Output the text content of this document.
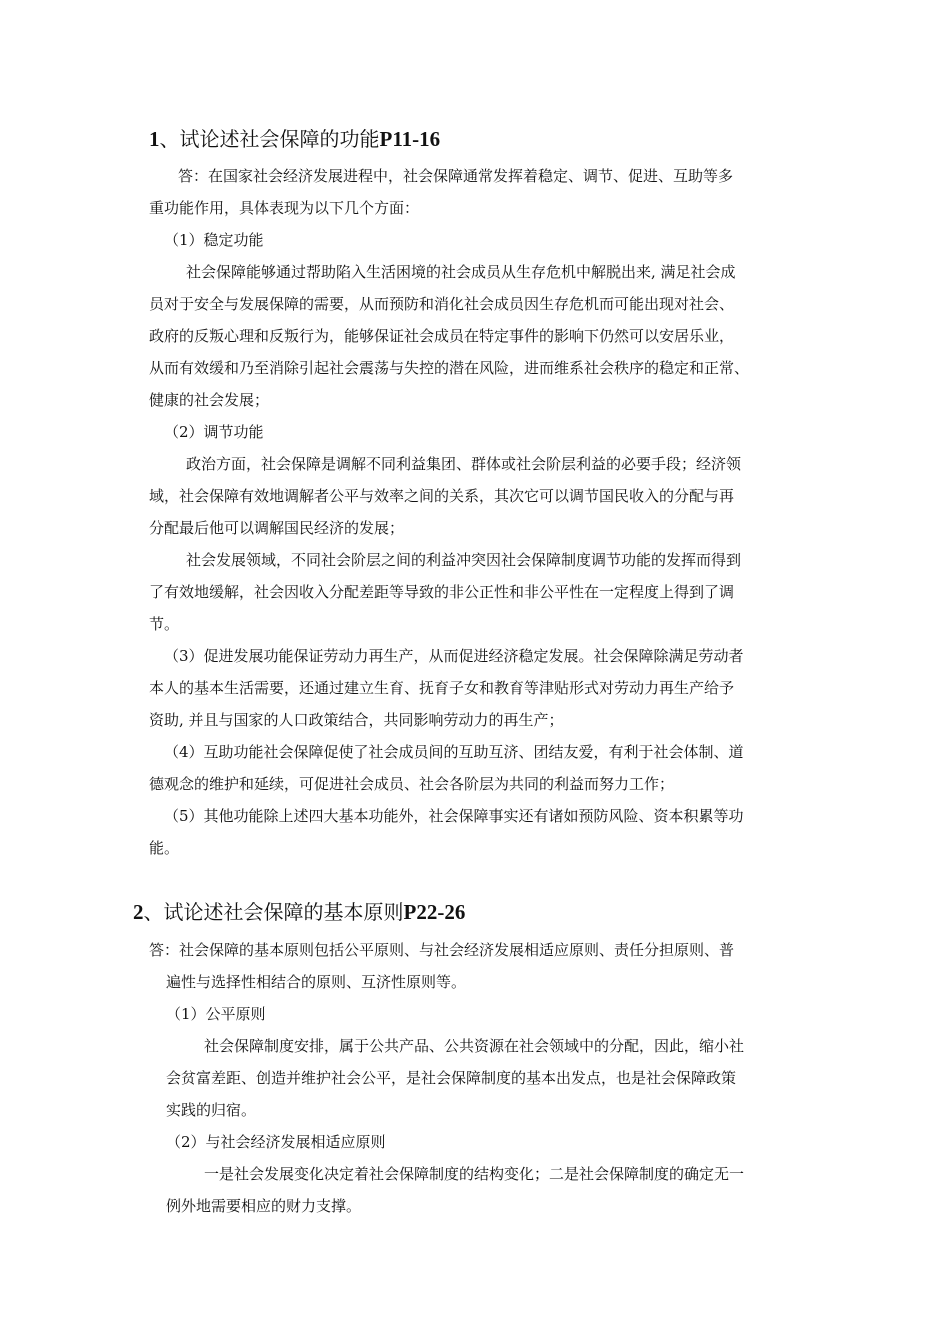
1、试论述社会保障的功能P11-16
答：在国家社会经济发展进程中，社会保障通常发挥着稳定、调节、促进、互助等多
重功能作用，具体表现为以下几个方面：
（1）稳定功能
社会保障能够通过帮助陷入生活困境的社会成员从生存危机中解脱出来, 满足社会成
员对于安全与发展保障的需要，从而预防和消化社会成员因生存危机而可能出现对社会、
政府的反叛心理和反叛行为，能够保证社会成员在特定事件的影响下仍然可以安居乐业，
从而有效缓和乃至消除引起社会震荡与失控的潜在风险，进而维系社会秩序的稳定和正常、
健康的社会发展；
（2）调节功能
政治方面，社会保障是调解不同利益集团、群体或社会阶层利益的必要手段；经济领
域，社会保障有效地调解者公平与效率之间的关系，其次它可以调节国民收入的分配与再
分配最后他可以调解国民经济的发展；
社会发展领域，不同社会阶层之间的利益冲突因社会保障制度调节功能的发挥而得到
了有效地缓解，社会因收入分配差距等导致的非公正性和非公平性在一定程度上得到了调
节。
（3）促进发展功能保证劳动力再生产，从而促进经济稳定发展。社会保障除满足劳动者
本人的基本生活需要，还通过建立生育、抚育子女和教育等津贴形式对劳动力再生产给予
资助, 并且与国家的人口政策结合，共同影响劳动力的再生产；
（4）互助功能社会保障促使了社会成员间的互助互济、团结友爱，有利于社会体制、道
德观念的维护和延续，可促进社会成员、社会各阶层为共同的利益而努力工作；
（5）其他功能除上述四大基本功能外，社会保障事实还有诸如预防风险、资本积累等功
能。
2、试论述社会保障的基本原则P22-26
答：社会保障的基本原则包括公平原则、与社会经济发展相适应原则、责任分担原则、普
遍性与选择性相结合的原则、互济性原则等。
（1）公平原则
社会保障制度安排，属于公共产品、公共资源在社会领域中的分配，因此，缩小社
会贫富差距、创造并维护社会公平，是社会保障制度的基本出发点，也是社会保障政策
实践的归宿。
（2）与社会经济发展相适应原则
一是社会发展变化决定着社会保障制度的结构变化；二是社会保障制度的确定无一
例外地需要相应的财力支撑。
